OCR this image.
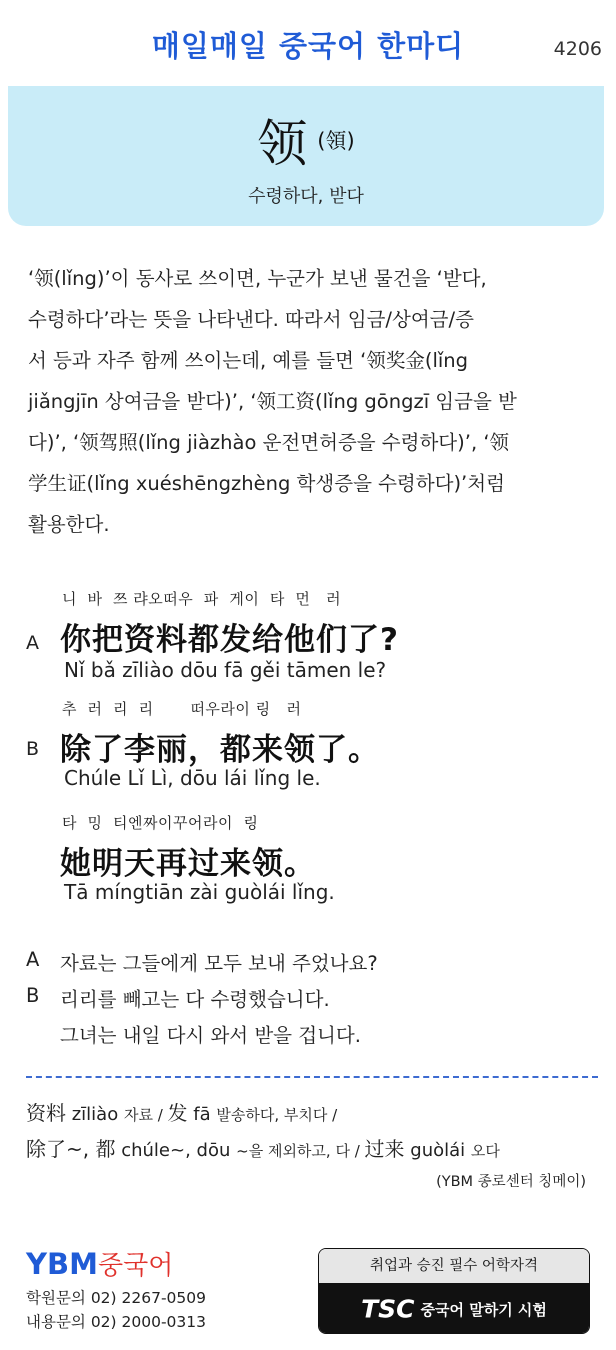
매일매일 중국어 한마디	4206
领 (領)
수령하다, 받다

‘领(lǐng)’이 동사로 쓰이면, 누군가 보낸 물건을 ‘받다,

수령하다’라는 뜻을 나타낸다. 따라서 임금/상여금/증

서 등과 자주 함께 쓰이는데, 예를 들면 ‘领奖金(lǐng

jiǎngjīn 상여금을 받다)’, ‘领工资(lǐng gōngzī 임금을 받

다)’, ‘领驾照(lǐng jiàzhào 운전면허증을 수령하다)’, ‘领

学生证(lǐng xuéshēngzhèng 학생증을 수령하다)’처럼

활용한다.

니  바  쯔 랴오떠우  파  게이  타  먼   러
A 你把资料都发给他们了?
Nǐ bǎ zīliào dōu fā gěi tāmen le?
추  러  리  리       떠우라이 링   러
B 除了李丽，都来领了。
Chúle Lǐ Lì, dōu lái lǐng le.
타  밍  티엔짜이꾸어라이  링
她明天再过来领。
Tā míngtiān zài guòlái lǐng.
A 자료는 그들에게 모두 보내 주었나요?
B 리리를 빼고는 다 수령했습니다.
그녀는 내일 다시 와서 받을 겁니다.
资料 zīliào 자료 / 发 fā 발송하다, 부치다 /
除了~, 都 chúle~, dōu ~을 제외하고, 다 / 过来 guòlái 오다
(YBM 종로센터 칭메이)
YBM중국어
학원문의 02) 2267-0509
내용문의 02) 2000-0313
취업과 승진 필수 어학자격
TSC 중국어 말하기 시험
